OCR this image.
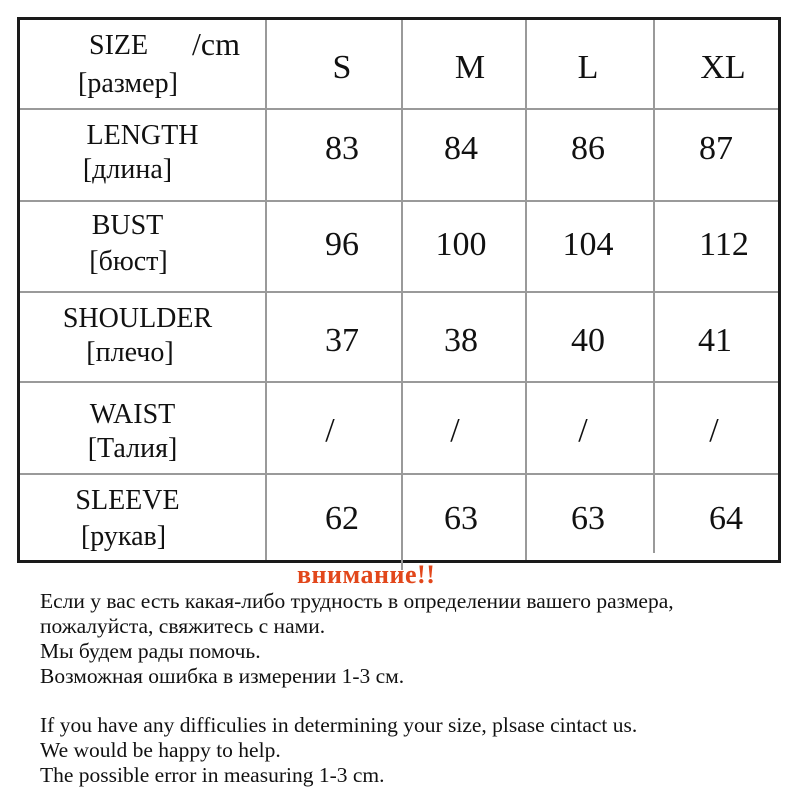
SIZE /cm
[размер]	S	M	L	XL
LENGTH
[длина]
83	84	86	87
BUST
[бюст]	96	100	104	112
SHOULDER
[плечо]	37	38	40	41
WAIST
[Талия]	/	/	/	/
SLEEVE
[рукав]	62	63	63	64
внимание!!
Если у вас есть какая-либо трудность в определении вашего размера,
пожалуйста, свяжитесь с нами.
Мы будем рады помочь.
Возможная ошибка в измерении 1-3 см.
If you have any difficulies in determining your size, plsase cintact us.
We would be happy to help.
The possible error in measuring 1-3 cm.
